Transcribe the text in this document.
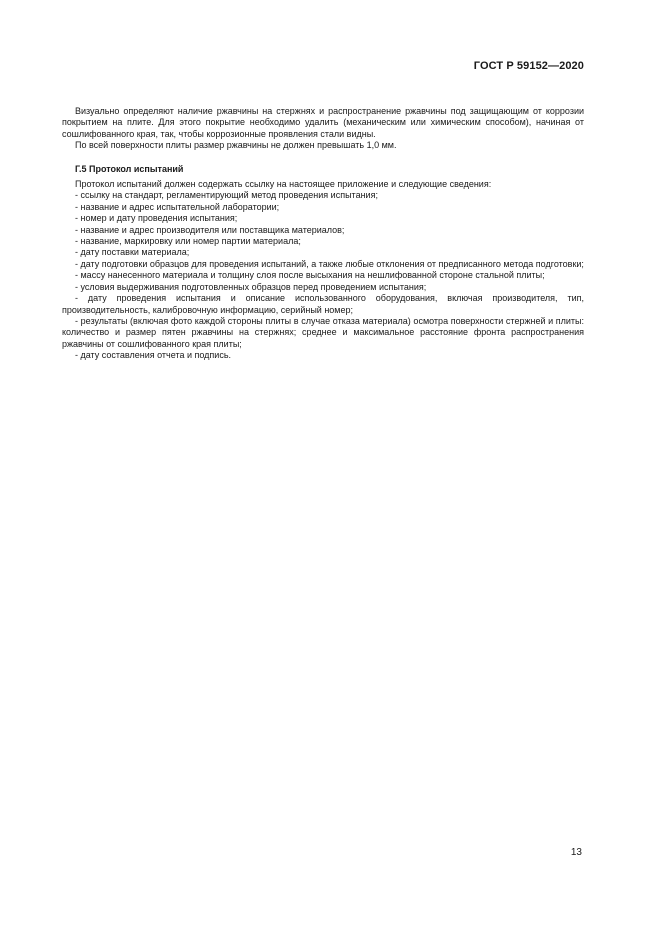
ГОСТ Р 59152—2020

Визуально определяют наличие ржавчины на стержнях и распространение ржавчины под защищающим от коррозии покрытием на плите. Для этого покрытие необходимо удалить (механическим или химическим способом), начиная от сошлифованного края, так, чтобы коррозионные проявления стали видны.

По всей поверхности плиты размер ржавчины не должен превышать 1,0 мм.

Г.5 Протокол испытаний

Протокол испытаний должен содержать ссылку на настоящее приложение и следующие сведения:

- ссылку на стандарт, регламентирующий метод проведения испытания;

- название и адрес испытательной лаборатории;

- номер и дату проведения испытания;

- название и адрес производителя или поставщика материалов;

- название, маркировку или номер партии материала;

- дату поставки материала;

- дату подготовки образцов для проведения испытаний, а также любые отклонения от предписанного метода подготовки;

- массу нанесенного материала и толщину слоя после высыхания на нешлифованной стороне стальной плиты;

- условия выдерживания подготовленных образцов перед проведением испытания;

- дату проведения испытания и описание использованного оборудования, включая производителя, тип, производительность, калибровочную информацию, серийный номер;

- результаты (включая фото каждой стороны плиты в случае отказа материала) осмотра поверхности стержней и плиты: количество и размер пятен ржавчины на стержнях; среднее и максимальное расстояние фронта распространения ржавчины от сошлифованного края плиты;

- дату составления отчета и подпись.

13
